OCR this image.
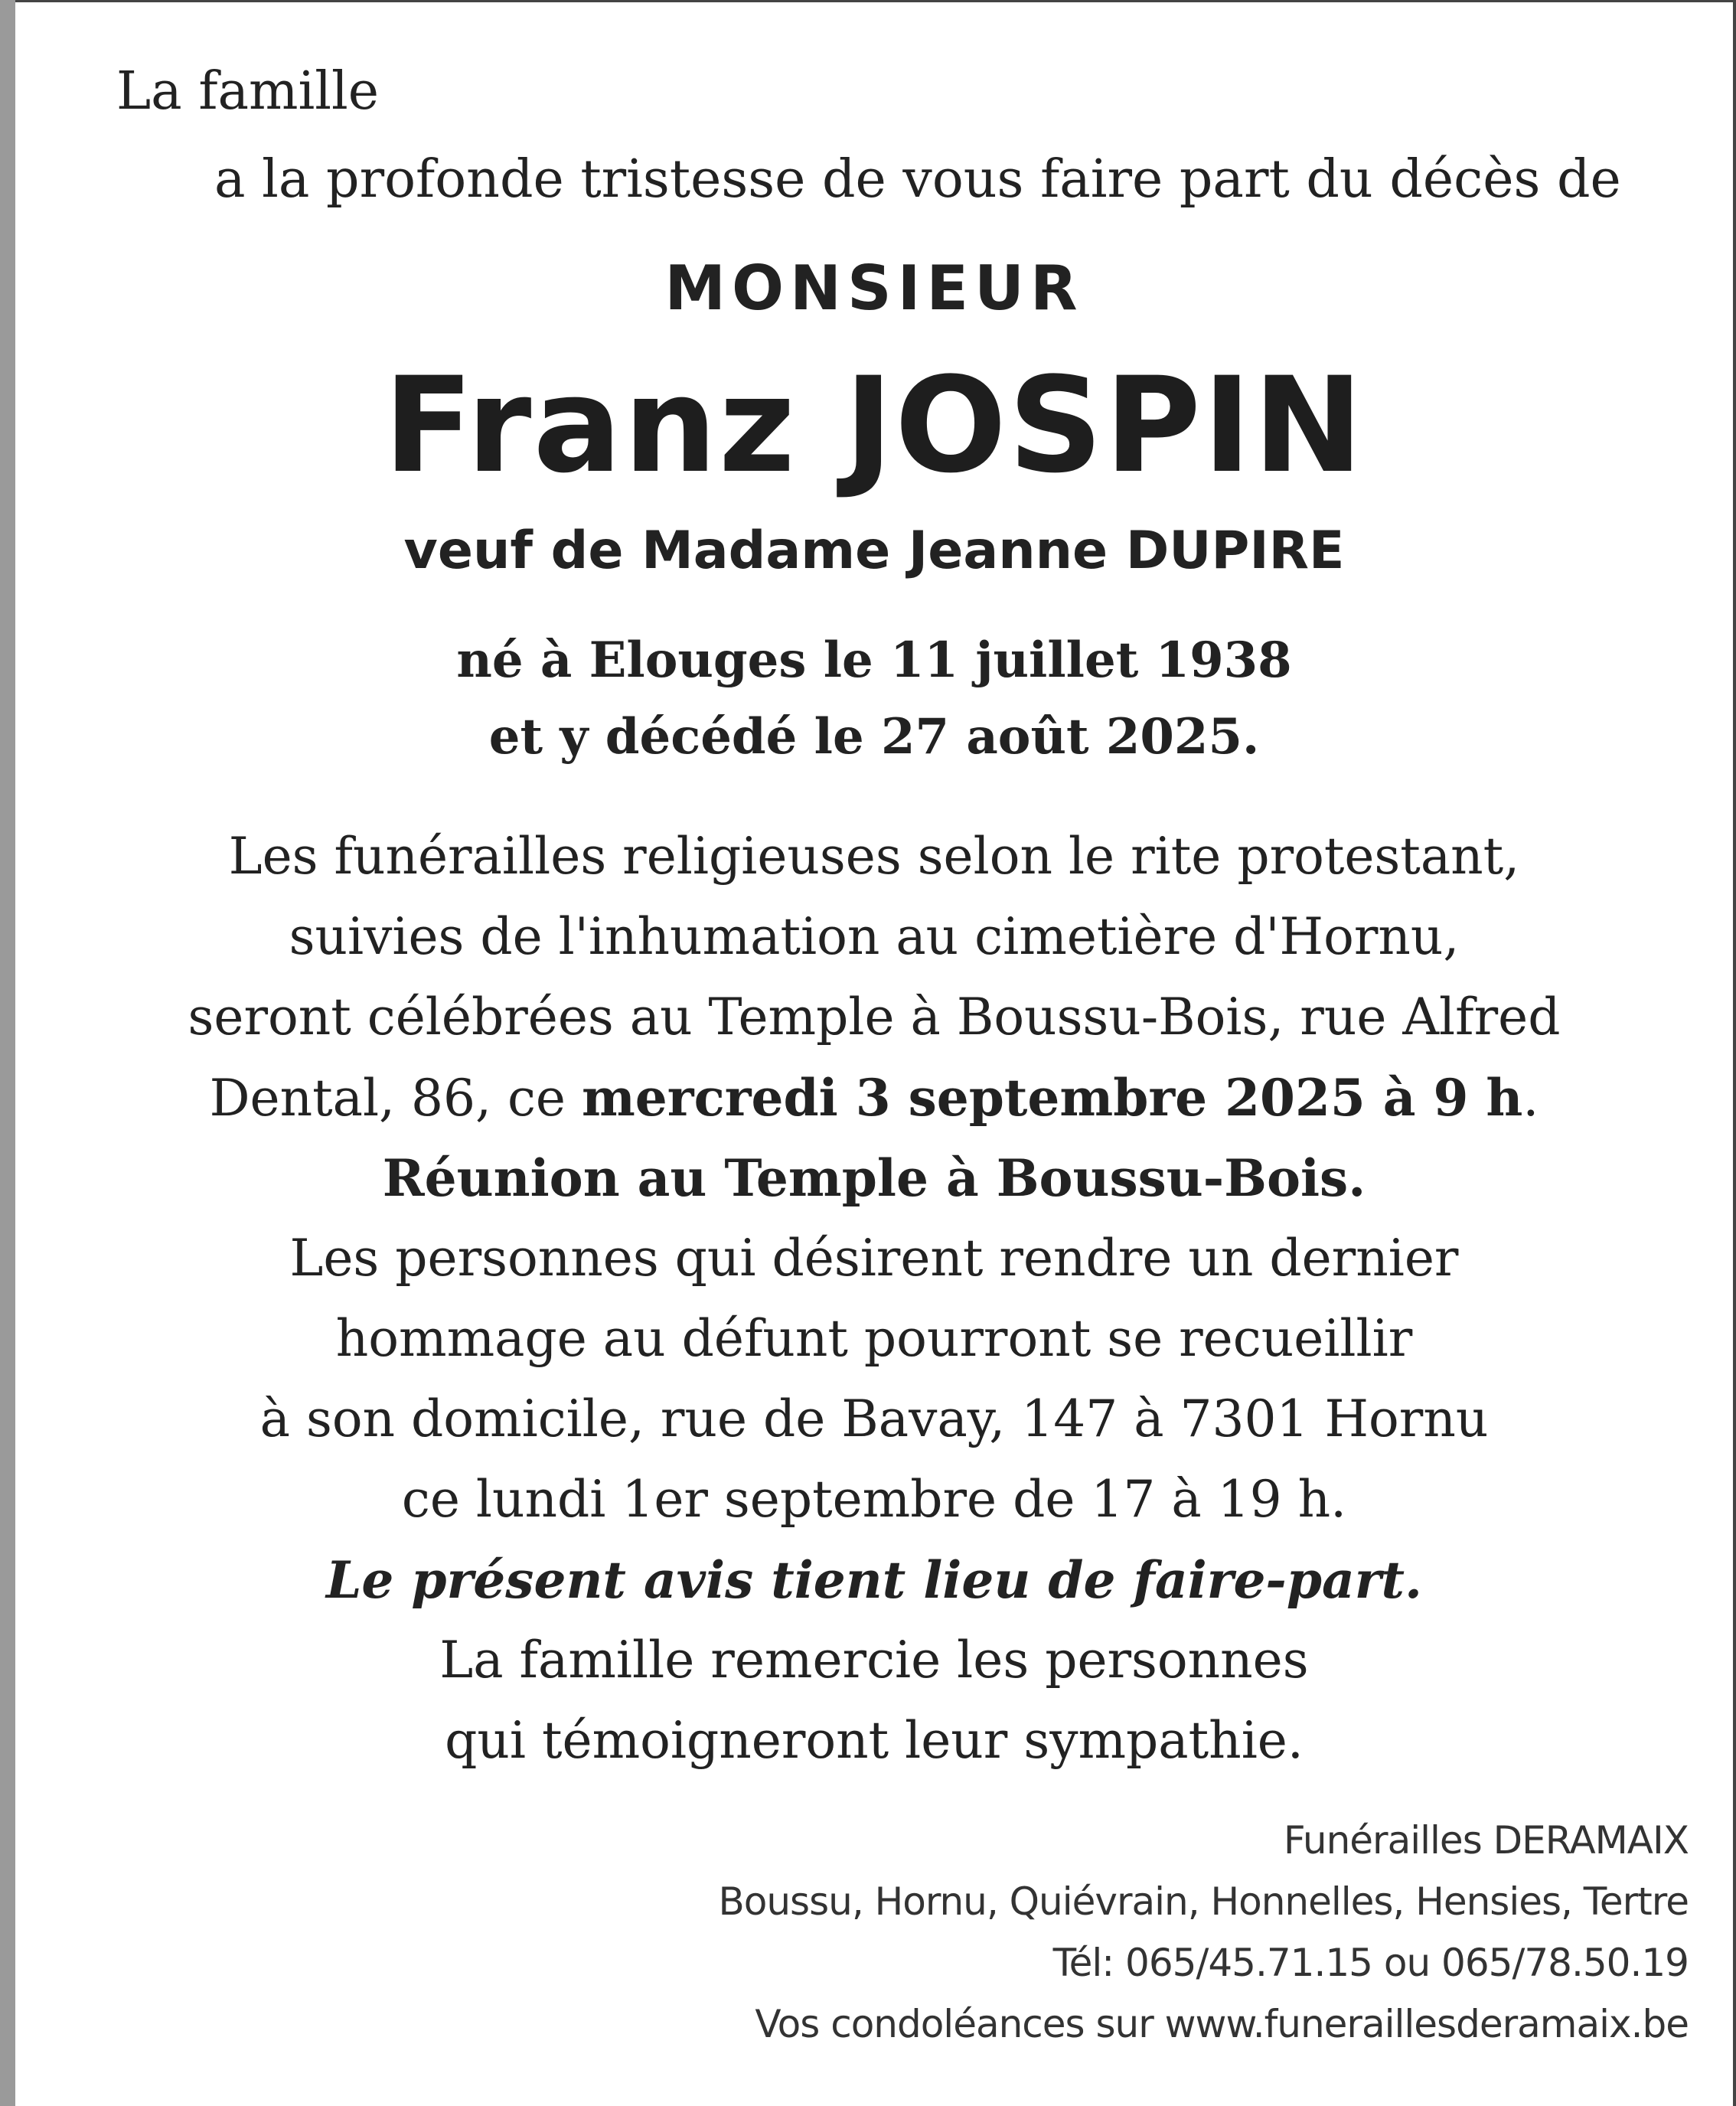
La famille
a la profonde tristesse de vous faire part du décès de
MONSIEUR
Franz JOSPIN
veuf de Madame Jeanne DUPIRE
né à Elouges le 11 juillet 1938
et y décédé le 27 août 2025.
Les funérailles religieuses selon le rite protestant,
suivies de l'inhumation au cimetière d'Hornu,
seront célébrées au Temple à Boussu-Bois, rue Alfred
Dental, 86, ce mercredi 3 septembre 2025 à 9 h.
Réunion au Temple à Boussu-Bois.
Les personnes qui désirent rendre un dernier
hommage au défunt pourront se recueillir
à son domicile, rue de Bavay, 147 à 7301 Hornu
ce lundi 1er septembre de 17 à 19 h.
Le présent avis tient lieu de faire-part.
La famille remercie les personnes
qui témoigneront leur sympathie.
Funérailles DERAMAIX
Boussu, Hornu, Quiévrain, Honnelles, Hensies, Tertre
Tél: 065/45.71.15 ou 065/78.50.19
Vos condoléances sur www.funeraillesderamaix.be
